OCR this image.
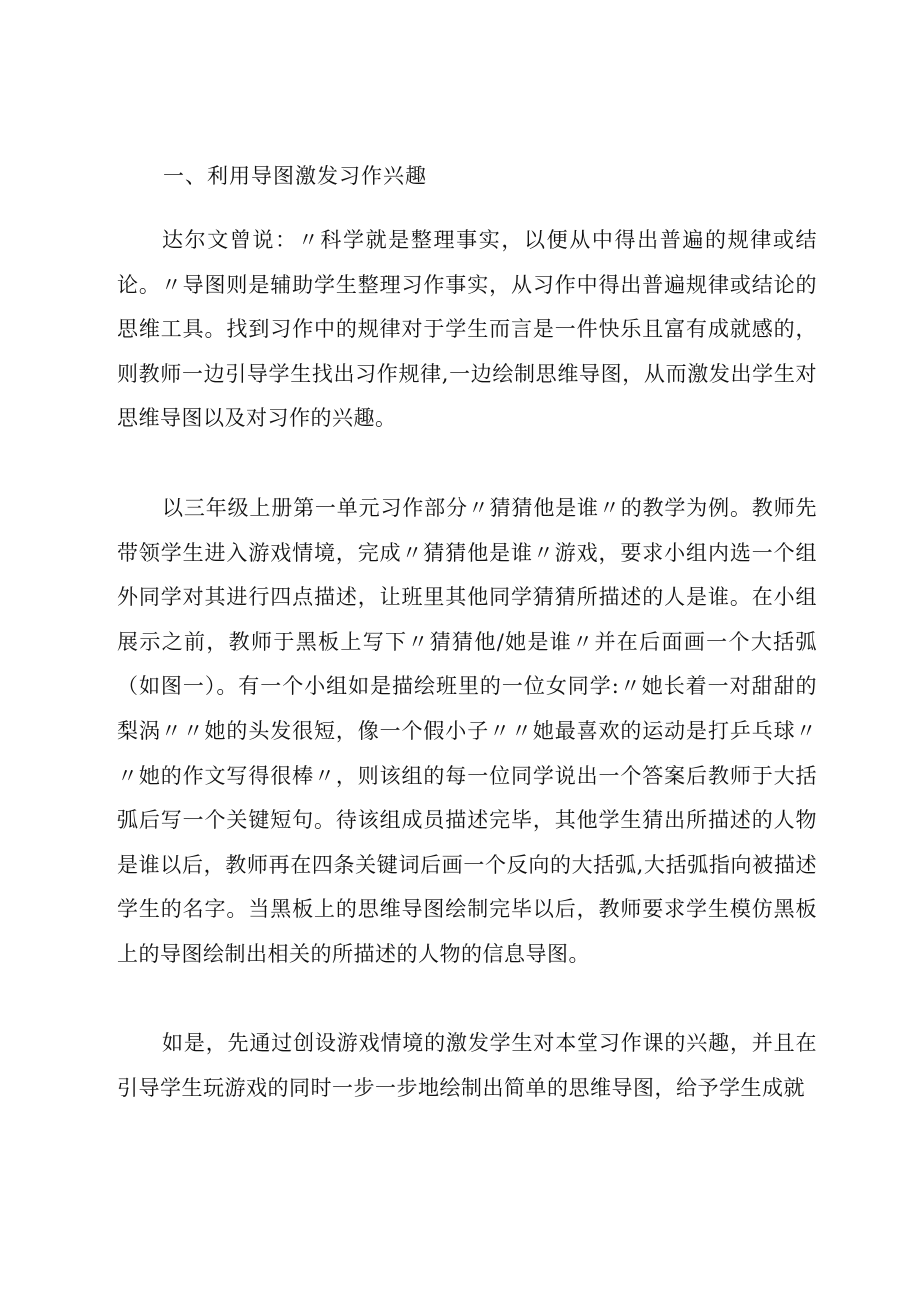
一、利用导图激发习作兴趣

达尔文曾说：〃科学就是整理事实，以便从中得出普遍的规律或结论。〃导图则是辅助学生整理习作事实，从习作中得出普遍规律或结论的思维工具。找到习作中的规律对于学生而言是一件快乐且富有成就感的，则教师一边引导学生找出习作规律,一边绘制思维导图，从而激发出学生对思维导图以及对习作的兴趣。

以三年级上册第一单元习作部分〃猜猜他是谁〃的教学为例。教师先带领学生进入游戏情境，完成〃猜猜他是谁〃游戏，要求小组内选一个组外同学对其进行四点描述，让班里其他同学猜猜所描述的人是谁。在小组展示之前，教师于黑板上写下〃猜猜他/她是谁〃并在后面画一个大括弧（如图一）。有一个小组如是描绘班里的一位女同学:〃她长着一对甜甜的梨涡〃〃她的头发很短，像一个假小子〃〃她最喜欢的运动是打乒乓球〃〃她的作文写得很棒〃，则该组的每一位同学说出一个答案后教师于大括弧后写一个关键短句。待该组成员描述完毕，其他学生猜出所描述的人物是谁以后，教师再在四条关键词后画一个反向的大括弧,大括弧指向被描述学生的名字。当黑板上的思维导图绘制完毕以后，教师要求学生模仿黑板上的导图绘制出相关的所描述的人物的信息导图。

如是，先通过创设游戏情境的激发学生对本堂习作课的兴趣，并且在引导学生玩游戏的同时一步一步地绘制出简单的思维导图，给予学生成就
